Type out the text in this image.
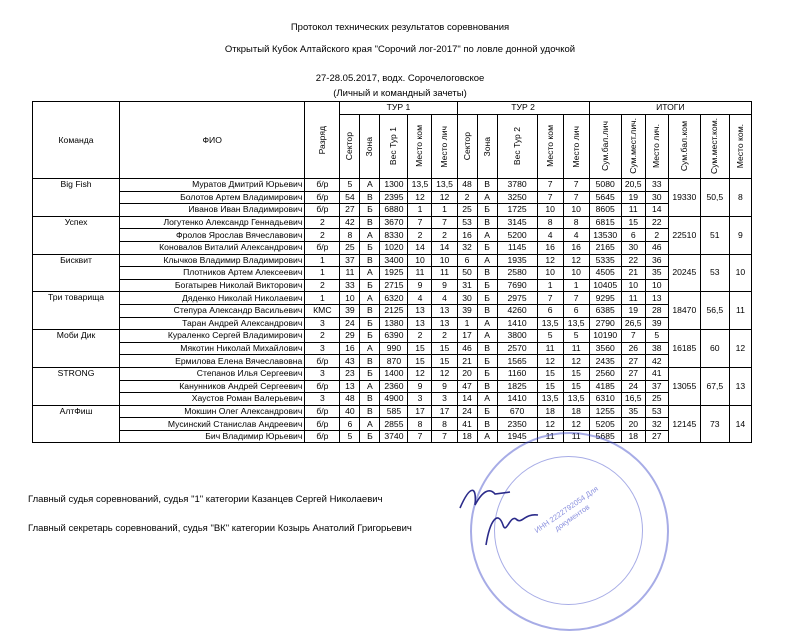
Протокол технических результатов соревнования
Открытый Кубок Алтайского края "Сорочий лог-2017" по ловле донной удочкой
27-28.05.2017, водх. Сорочелоговское
(Личный и командный зачеты)
Команда	ФИО	Разряд	ТУР 1					ТУР 2					ИТОГИ					

			Сектор	Зона	Вес Тур 1	Место ком	Место лич	Сектор	Зона	Вес Тур 2	Место ком	Место лич	Сум.бал.лич	Сум.мест.лич.	Место лич.	Сум.бал.ком	Сум.мест.ком.	Место ком.

Big Fish	Муратов Дмитрий Юрьевич	б/р	5	А	1300	13,5	13,5	48	В	3780	7	7	5080	20,5	33	19330	50,5	8
	Болотов Артем Владимирович	б/р	54	В	2395	12	12	2	А	3250	7	7	5645	19	30			
	Иванов Иван Владимирович	б/р	27	Б	6880	1	1	25	Б	1725	10	10	8605	11	14			
Успех	Логутенко Александр Геннадьевич	2	42	В	3670	7	7	53	В	3145	8	8	6815	15	22	22510	51	9
	Фролов Ярослав Вячеславович	2	8	А	8330	2	2	16	А	5200	4	4	13530	6	2			
	Коновалов Виталий Александрович	б/р	25	Б	1020	14	14	32	Б	1145	16	16	2165	30	46			
Бисквит	Клычков Владимир Владимирович	1	37	В	3400	10	10	6	А	1935	12	12	5335	22	36	20245	53	10
	Плотников Артем Алексеевич	1	11	А	1925	11	11	50	В	2580	10	10	4505	21	35			
	Богатырев Николай Викторович	2	33	Б	2715	9	9	31	Б	7690	1	1	10405	10	10			
Три товарища	Дяденко Николай Николаевич	1	10	А	6320	4	4	30	Б	2975	7	7	9295	11	13	18470	56,5	11
	Степура Александр Васильевич	КМС	39	В	2125	13	13	39	В	4260	6	6	6385	19	28			
	Таран Андрей Александрович	3	24	Б	1380	13	13	1	А	1410	13,5	13,5	2790	26,5	39			
Моби Дик	Кураленко Сергей Владимирович	2	29	Б	6390	2	2	17	А	3800	5	5	10190	7	5	16185	60	12
	Мякотин Николай Михайлович	3	16	А	990	15	15	46	В	2570	11	11	3560	26	38			
	Ермилова Елена Вячеславовна	б/р	43	В	870	15	15	21	Б	1565	12	12	2435	27	42			
STRONG	Степанов Илья Сергеевич	3	23	Б	1400	12	12	20	Б	1160	15	15	2560	27	41	13055	67,5	13
	Канунников Андрей Сергеевич	б/р	13	А	2360	9	9	47	В	1825	15	15	4185	24	37			
	Хаустов Роман Валерьевич	3	48	В	4900	3	3	14	А	1410	13,5	13,5	6310	16,5	25			
АлтФиш	Мокшин Олег Александрович	б/р	40	В	585	17	17	24	Б	670	18	18	1255	35	53	12145	73	14
	Мусинский Станислав Андреевич	б/р	6	А	2855	8	8	41	В	2350	12	12	5205	20	32			
	Бич Владимир Юрьевич	б/р	5	Б	3740	7	7	18	А	1945	11	11	5685	18	27			
ИНН 2222792054 Для документов
Главный судья соревнований, судья "1" категории Казанцев Сергей Николаевич
Главный секретарь соревнований, судья "ВК" категории Козырь Анатолий Григорьевич
